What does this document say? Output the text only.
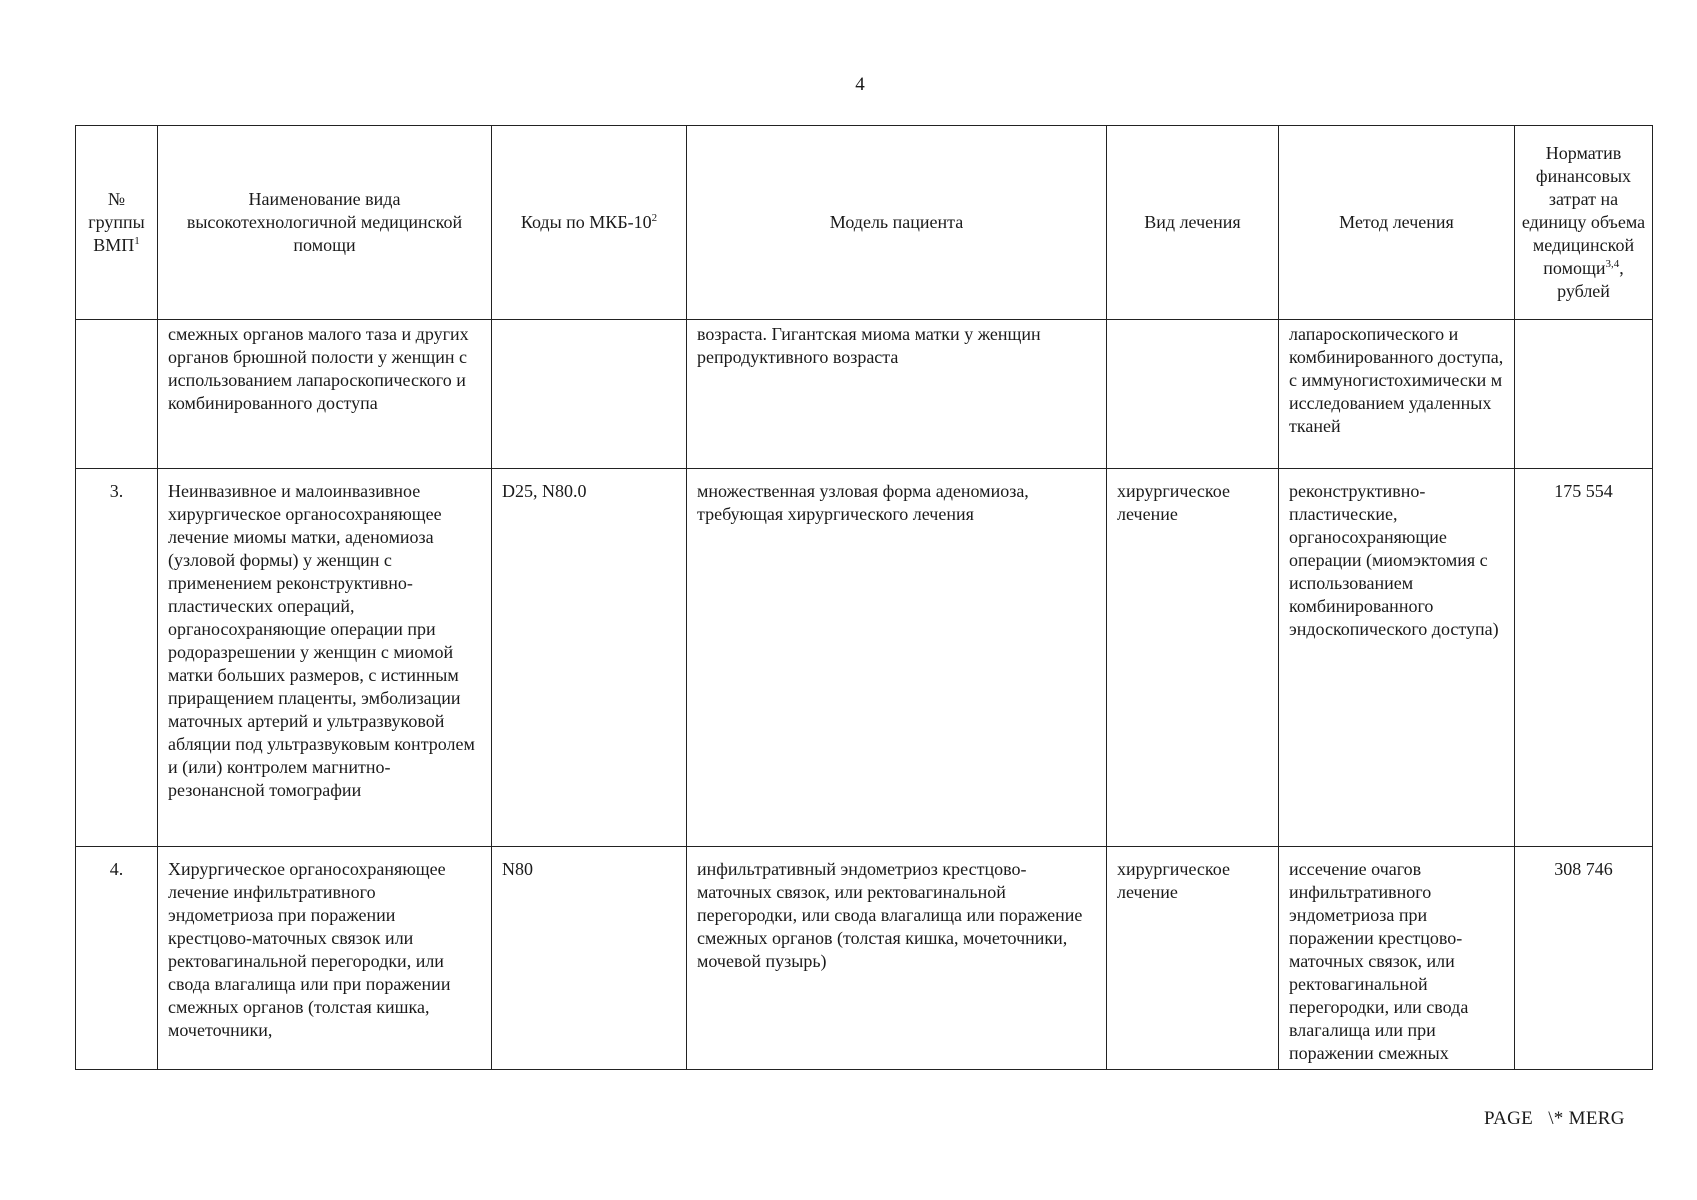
4
№ группы ВМП$^1$	Наименование вида высокотехнологичной медицинской помощи	Коды по МКБ-$10^2$	Модель пациента	Вид лечения	Метод лечения	Норматив финансовых затрат на единицу объема медицинской помощи$^{3,4}$, рублей
	смежных органов малого таза и других органов брюшной полости у женщин с использованием лапароскопического и комбинированного доступа		возраста. Гигантская миома матки у женщин репродуктивного возраста		лапароскопического и комбинированного доступа, с иммуногистохимически м исследованием удаленных тканей	
3.	Неинвазивное и малоинвазивное хирургическое органосохраняющее лечение миомы матки, аденомиоза (узловой формы) у женщин с применением реконструктивно-пластических операций, органосохраняющие операции при родоразрешении у женщин с миомой матки больших размеров, с истинным приращением плаценты, эмболизации маточных артерий и ультразвуковой абляции под ультразвуковым контролем и (или) контролем магнитно-резонансной томографии	D25, N80.0	множественная узловая форма аденомиоза, требующая хирургического лечения	хирургическое лечение	реконструктивно-пластические, органосохраняющие операции (миомэктомия с использованием комбинированного эндоскопического доступа)	175 554
4.	Хирургическое органосохраняющее лечение инфильтративного эндометриоза при поражении крестцово-маточных связок или ректовагинальной перегородки, или свода влагалища или при поражении смежных органов (толстая кишка, мочеточники,	N80	инфильтративный эндометриоз крестцово-маточных связок, или ректовагинальной перегородки, или свода влагалища или поражение смежных органов (толстая кишка, мочеточники, мочевой пузырь)	хирургическое лечение	иссечение очагов инфильтративного эндометриоза при поражении крестцово-маточных связок, или ректовагинальной перегородки, или свода влагалища или при поражении смежных	308 746
PAGE   \* MERG
